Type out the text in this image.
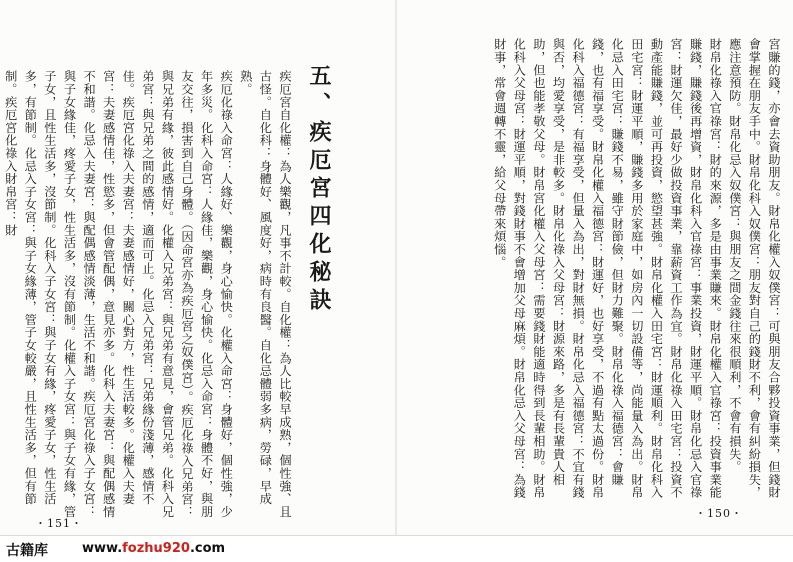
五、疾厄宮四化秘訣
疾厄宮自化權：為人樂觀，凡事不計較。自化權：為人比較早成熟，個性強、且古怪。自化科：身體好、風度好，病時有良醫。自化忌體弱多病，勞碌，早成熟。
疾厄化祿入命宮：人緣好、樂觀，身心愉快。化權入命宮：身體好，個性強，少年多災。化科入命宮：人緣佳，樂觀，身心愉快。化忌入命宮：身體不好，與朋友交往，損害到自己身體。（因命宮亦為疾厄宮之奴僕宮）。疾厄化祿入兄弟宮：與兄弟有緣，彼此感情好。化權入兄弟宮：與兄弟有意見，會管兄弟。化科入兄弟宮：與兄弟之間的感情，適而可止。化忌入兄弟宮：兄弟緣份淺薄，感情不佳。疾厄宮化祿入夫妻宮：夫妻感情好，關心對方，性生活較多。化權入夫妻宮：夫妻感情佳，性慾多，但會管配偶，意見亦多。化科入夫妻宮：與配偶感情不和諧。化忌入夫妻宮：與配偶感情淡薄，生活不和諧。疾厄宮化祿入子女宮：與子女緣佳，疼愛子女，性生活多，沒有節制。化權入子女宮：與子女有緣，管子女，且性生活多，沒節制。化科入子女宮：與子女有緣，疼愛子女，性生活多，有節制。化忌入子女宮：與子女緣薄，管子女較嚴，且性生活多，但有節制。疾厄宮化祿入財帛宮：財
・151・
・150・
宮賺的錢，亦會去資助朋友。財帛化權入奴僕宮：可與朋友合夥投資事業，但錢財會掌握在朋友手中。財帛化科入奴僕宮：朋友對自己的錢財不利，會有糾紛損失，應注意預防。財帛化忌入奴僕宮：與朋友之間金錢往來很順利，不會有損失。
財帛化祿入官祿宮：財的來源，多是由事業賺來。財帛化權入官祿宮：投資事業能賺錢，賺錢後再增資，財帛化科入官祿宮：事業投資，財運平順。財帛化忌入官祿宮：財運欠佳，最好少做投資事業，靠薪資工作為宜。財帛化祿入田宅宮：投資不動產能賺錢，並可再投資，慾望甚強。財帛化權入田宅宮：財運順利。財帛化科入田宅宮：財運平順，賺錢多用於家庭中，如房內一切設備等，尚能量入為出。財帛化忌入田宅宮：賺錢不易，雖守財節儉，但財力難聚。財帛化祿入福德宮：會賺錢，也有福享受。財帛化權入福德宮：財運好，也好享受，不過有點太過份。財帛化科入福德宮：有福享受，但量入為出，對財無損。財帛化忌入福德宮：不宜有錢與否，均愛享受，是非較多。財帛化祿入父母宮：財源來路，多是有長輩貴人相助，但也能孝敬父母。財帛宮化權入父母宮：需要錢財能適時得到長輩相助。財帛化科入父母宮：財運平順，對錢財事不會增加父母麻煩。財帛化忌入父母宮：為錢財事，常會週轉不靈，給父母帶來煩惱。
古籍库	www.fozhu920.com
